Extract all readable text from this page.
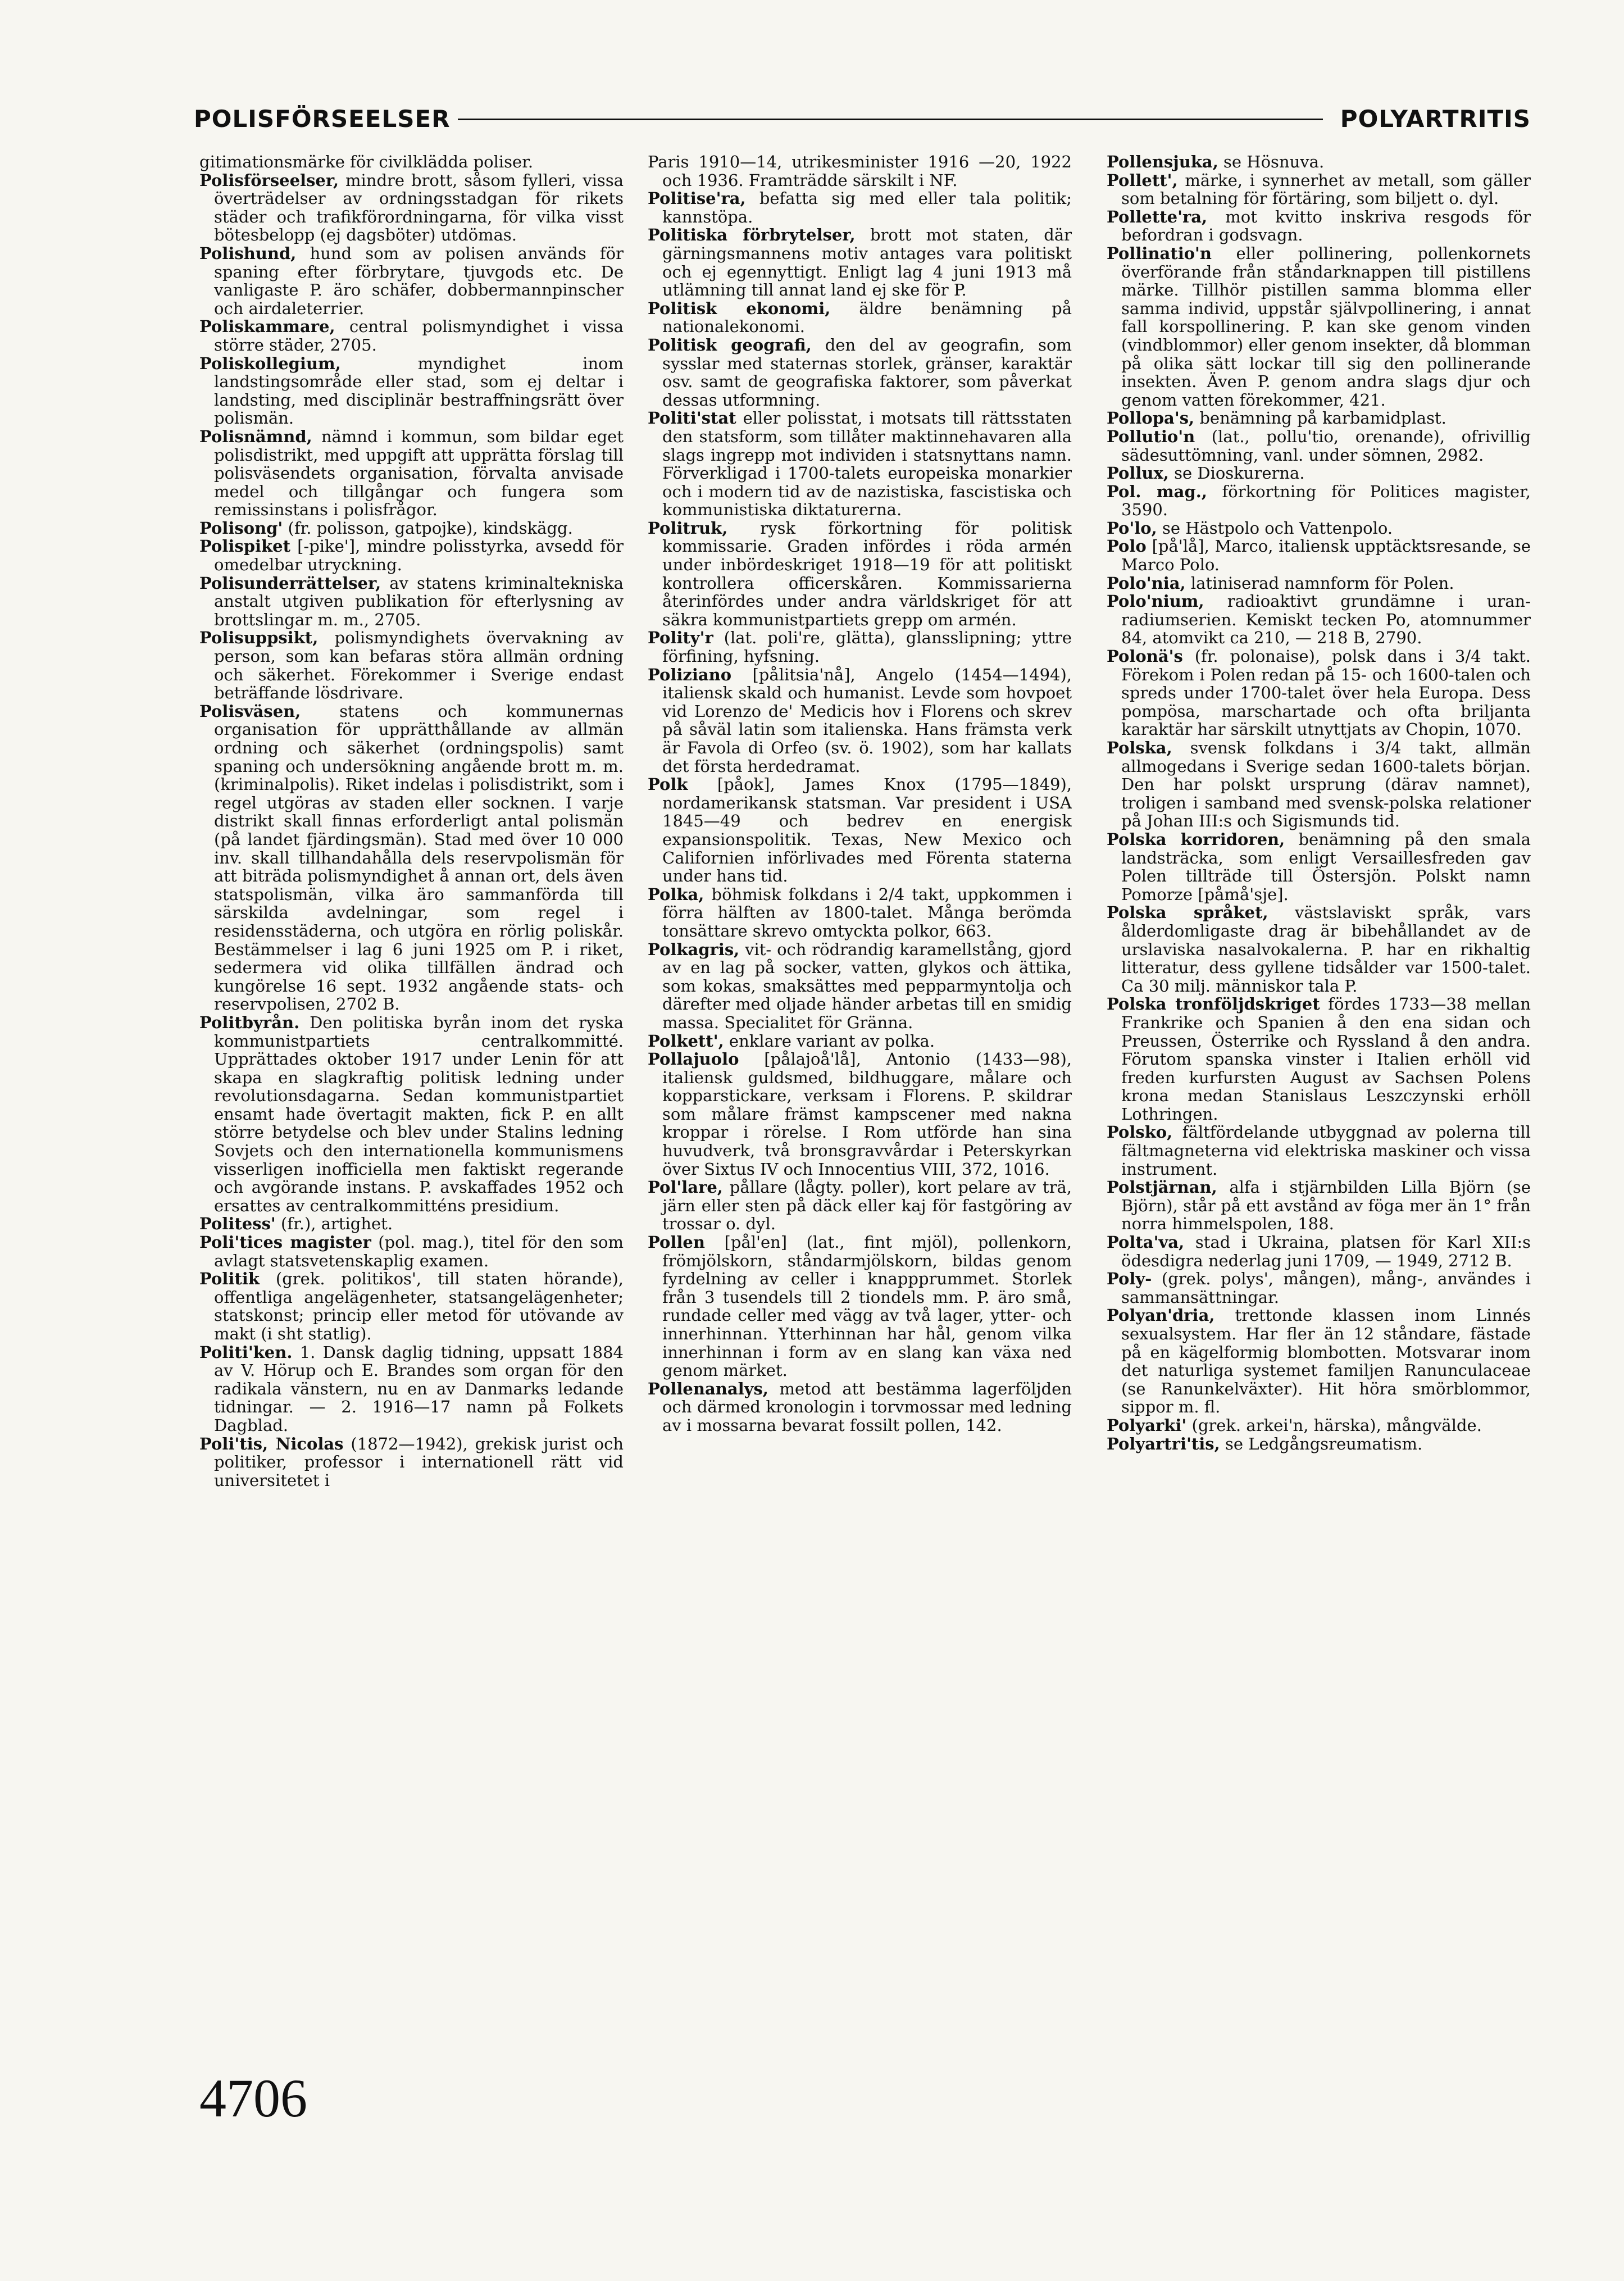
POLISFÖRSEELSER	POLYARTRITIS

gitimationsmärke för civilklädda poliser.

Polisförseelser, mindre brott, såsom fylleri, vissa överträdelser av ordningsstadgan för rikets städer och trafikförordningarna, för vilka visst bötesbelopp (ej dagsböter) utdömas.

Polishund, hund som av polisen används för spaning efter förbrytare, tjuvgods etc. De vanligaste P. äro schäfer, dobbermannpinscher och airdaleterrier.

Poliskammare, central polismyndighet i vissa större städer, 2705.

Poliskollegium,	myndighet inom landstingsområde eller stad, som ej deltar i landsting, med disciplinär bestraffningsrätt över polismän.

Polisnämnd, nämnd i kommun, som bildar eget polisdistrikt, med uppgift att upprätta förslag till polisväsendets organisation, förvalta anvisade medel och tillgångar och fungera som remissinstans i polisfrågor.

Polisong' (fr. polisson, gatpojke), kindskägg.

Polispiket [-pike'], mindre polisstyrka, avsedd för omedelbar utryckning.

Polisunderrättelser, av statens kriminaltekniska anstalt utgiven publikation för efterlysning av brottslingar m. m., 2705.

Polisuppsikt, polismyndighets övervakning av person, som kan befaras störa allmän ordning och säkerhet. Förekommer i Sverige endast beträffande lösdrivare.

Polisväsen, statens och kommunernas organisation för upprätthållande av allmän ordning och säkerhet (ordningspolis) samt spaning och undersökning angående brott m. m. (kriminalpolis). Riket indelas i polisdistrikt, som i regel utgöras av staden eller socknen. I varje distrikt skall finnas erforderligt antal polismän (på landet fjärdingsmän). Stad med över 10 000 inv. skall tillhandahålla dels reservpolismän för att biträda polismyndighet å annan ort, dels även statspolismän, vilka äro sammanförda till särskilda avdelningar, som regel i residensstäderna, och utgöra en rörlig poliskår. Bestämmelser i lag 6 juni 1925 om P. i riket, sedermera vid olika tillfällen ändrad och kungörelse 16 sept. 1932 angående stats- och reservpolisen, 2702 B.

Politbyrån. Den politiska byrån inom det ryska kommunistpartiets centralkommitté. Upprättades oktober 1917 under Lenin för att skapa en slagkraftig politisk ledning under revolutionsdagarna. Sedan kommunistpartiet ensamt hade övertagit makten, fick P. en allt större betydelse och blev under Stalins ledning Sovjets och den internationella kommunismens visserligen inofficiella men faktiskt regerande och avgörande instans. P. avskaffades 1952 och ersattes av centralkommitténs presidium.

Politess' (fr.), artighet.

Poli'tices magister (pol. mag.), titel för den som avlagt statsvetenskaplig examen.

Politik (grek. politikos', till staten hörande), offentliga angelägenheter, statsangelägenheter; statskonst; princip eller metod för utövande av makt (i sht statlig).

Politi'ken. 1. Dansk daglig tidning, uppsatt 1884 av V. Hörup och E. Brandes som organ för den radikala vänstern, nu en av Danmarks ledande tidningar. — 2. 1916—17 namn på Folkets Dagblad.

Poli'tis, Nicolas (1872—1942), grekisk jurist och politiker, professor i internationell rätt vid universitetet i

Paris 1910—14, utrikesminister 1916 —20, 1922 och 1936. Framträdde särskilt i NF.

Politise'ra, befatta sig med eller tala politik; kannstöpa.

Politiska förbrytelser, brott mot staten, där gärningsmannens motiv antages vara politiskt och ej egennyttigt. Enligt lag 4 juni 1913 må utlämning till annat land ej ske för P.

Politisk ekonomi, äldre benämning på nationalekonomi.

Politisk geografi, den del av geografin, som sysslar med staternas storlek, gränser, karaktär osv. samt de geografiska faktorer, som påverkat dessas utformning.

Politi'stat eller polisstat, i motsats till rättsstaten den statsform, som tillåter maktinnehavaren alla slags ingrepp mot individen i statsnyttans namn. Förverkligad i 1700-talets europeiska monarkier och i modern tid av de nazistiska, fascistiska och kommunistiska diktaturerna.

Politruk, rysk förkortning för politisk kommissarie. Graden infördes i röda armén under inbördeskriget 1918—19 för att politiskt kontrollera officerskåren. Kommissarierna återinfördes under andra världskriget för att säkra kommunistpartiets grepp om armén.

Polity'r (lat. poli're, glätta), glansslipning; yttre förfining, hyfsning.

Poliziano [pålitsia'nå], Angelo (1454—1494), italiensk skald och humanist. Levde som hovpoet vid Lorenzo de' Medicis hov i Florens och skrev på såväl latin som italienska. Hans främsta verk är Favola di Orfeo (sv. ö. 1902), som har kallats det första herdedramat.

Polk [påok], James Knox (1795—1849), nordamerikansk statsman. Var president i USA 1845—49 och bedrev en energisk expansionspolitik. Texas, New Mexico och Californien införlivades med Förenta staterna under hans tid.

Polka, böhmisk folkdans i 2/4 takt, uppkommen i förra hälften av 1800-talet. Många berömda tonsättare skrevo omtyckta polkor, 663.

Polkagris, vit- och rödrandig karamellstång, gjord av en lag på socker, vatten, glykos och ättika, som kokas, smaksättes med pepparmyntolja och därefter med oljade händer arbetas till en smidig massa. Specialitet för Gränna.

Polkett', enklare variant av polka.

Pollajuolo [pålajoå'lå], Antonio (1433—98), italiensk guldsmed, bildhuggare, målare och kopparstickare, verksam i Florens. P. skildrar som målare främst kampscener med nakna kroppar i rörelse. I Rom utförde han sina huvudverk, två bronsgravvårdar i Peterskyrkan över Sixtus IV och Innocentius VIII, 372, 1016.

Pol'lare, pållare (lågty. poller), kort pelare av trä, järn eller sten på däck eller kaj för fastgöring av trossar o. dyl.

Pollen [pål'en] (lat., fint mjöl), pollenkorn, frömjölskorn, ståndarmjölskorn, bildas genom fyrdelning av celler i knappprummet. Storlek från 3 tusendels till 2 tiondels mm. P. äro små, rundade celler med vägg av två lager, ytter- och innerhinnan. Ytterhinnan har hål, genom vilka innerhinnan i form av en slang kan växa ned genom märket.

Pollenanalys, metod att bestämma lagerföljden och därmed kronologin i torvmossar med ledning av i mossarna bevarat fossilt pollen, 142.

Pollensjuka, se Hösnuva.

Pollett', märke, i synnerhet av metall, som gäller som betalning för förtäring, som biljett o. dyl.

Pollette'ra, mot kvitto inskriva resgods för befordran i godsvagn.

Pollinatio'n eller pollinering, pollenkornets överförande från ståndarknappen till pistillens märke. Tillhör pistillen samma blomma eller samma individ, uppstår självpollinering, i annat fall korspollinering. P. kan ske genom vinden (vindblommor) eller genom insekter, då blomman på olika sätt lockar till sig den pollinerande insekten. Även P. genom andra slags djur och genom vatten förekommer, 421.

Pollopa's, benämning på karbamidplast.

Pollutio'n (lat., pollu'tio, orenande), ofrivillig sädesuttömning, vanl. under sömnen, 2982.

Pollux, se Dioskurerna.

Pol. mag., förkortning för Politices magister, 3590.

Po'lo, se Hästpolo och Vattenpolo.

Polo [på'lå], Marco, italiensk upptäcktsresande, se Marco Polo.

Polo'nia, latiniserad namnform för Polen.

Polo'nium, radioaktivt grundämne i uran-radiumserien. Kemiskt tecken Po, atomnummer 84, atomvikt ca 210, — 218 B, 2790.

Polonä's (fr. polonaise), polsk dans i 3/4 takt. Förekom i Polen redan på 15- och 1600-talen och spreds under 1700-talet över hela Europa. Dess pompösa, marschartade och ofta briljanta karaktär har särskilt utnyttjats av Chopin, 1070.

Polska, svensk folkdans i 3/4 takt, allmän allmogedans i Sverige sedan 1600-talets början. Den har polskt ursprung (därav namnet), troligen i samband med svensk-polska relationer på Johan III:s och Sigismunds tid.

Polska korridoren, benämning på den smala landsträcka, som enligt Versaillesfreden gav Polen tillträde till Östersjön. Polskt namn Pomorze [påmå'sje].

Polska språket, västslaviskt språk, vars ålderdomligaste drag är bibehållandet av de urslaviska nasalvokalerna. P. har en rikhaltig litteratur, dess gyllene tidsålder var 1500-talet. Ca 30 milj. människor tala P.

Polska tronföljdskriget fördes 1733—38 mellan Frankrike och Spanien å den ena sidan och Preussen, Österrike och Ryssland å den andra. Förutom spanska vinster i Italien erhöll vid freden kurfursten August av Sachsen Polens krona medan Stanislaus Leszczynski erhöll Lothringen.

Polsko, fältfördelande utbyggnad av polerna till fältmagneterna vid elektriska maskiner och vissa instrument.

Polstjärnan, alfa i stjärnbilden Lilla Björn (se Björn), står på ett avstånd av föga mer än 1° från norra himmelspolen, 188.

Polta'va, stad i Ukraina, platsen för Karl XII:s ödesdigra nederlag juni 1709, — 1949, 2712 B.

Poly- (grek. polys', mången), mång-, användes i sammansättningar.

Polyan'dria, trettonde klassen inom Linnés sexualsystem. Har fler än 12 ståndare, fästade på en kägelformig blombotten. Motsvarar inom det naturliga systemet familjen Ranunculaceae (se Ranunkelväxter). Hit höra smörblommor, sippor m. fl.

Polyarki' (grek. arkei'n, härska), mångvälde.

Polyartri'tis, se Ledgångsreumatism.

4706
